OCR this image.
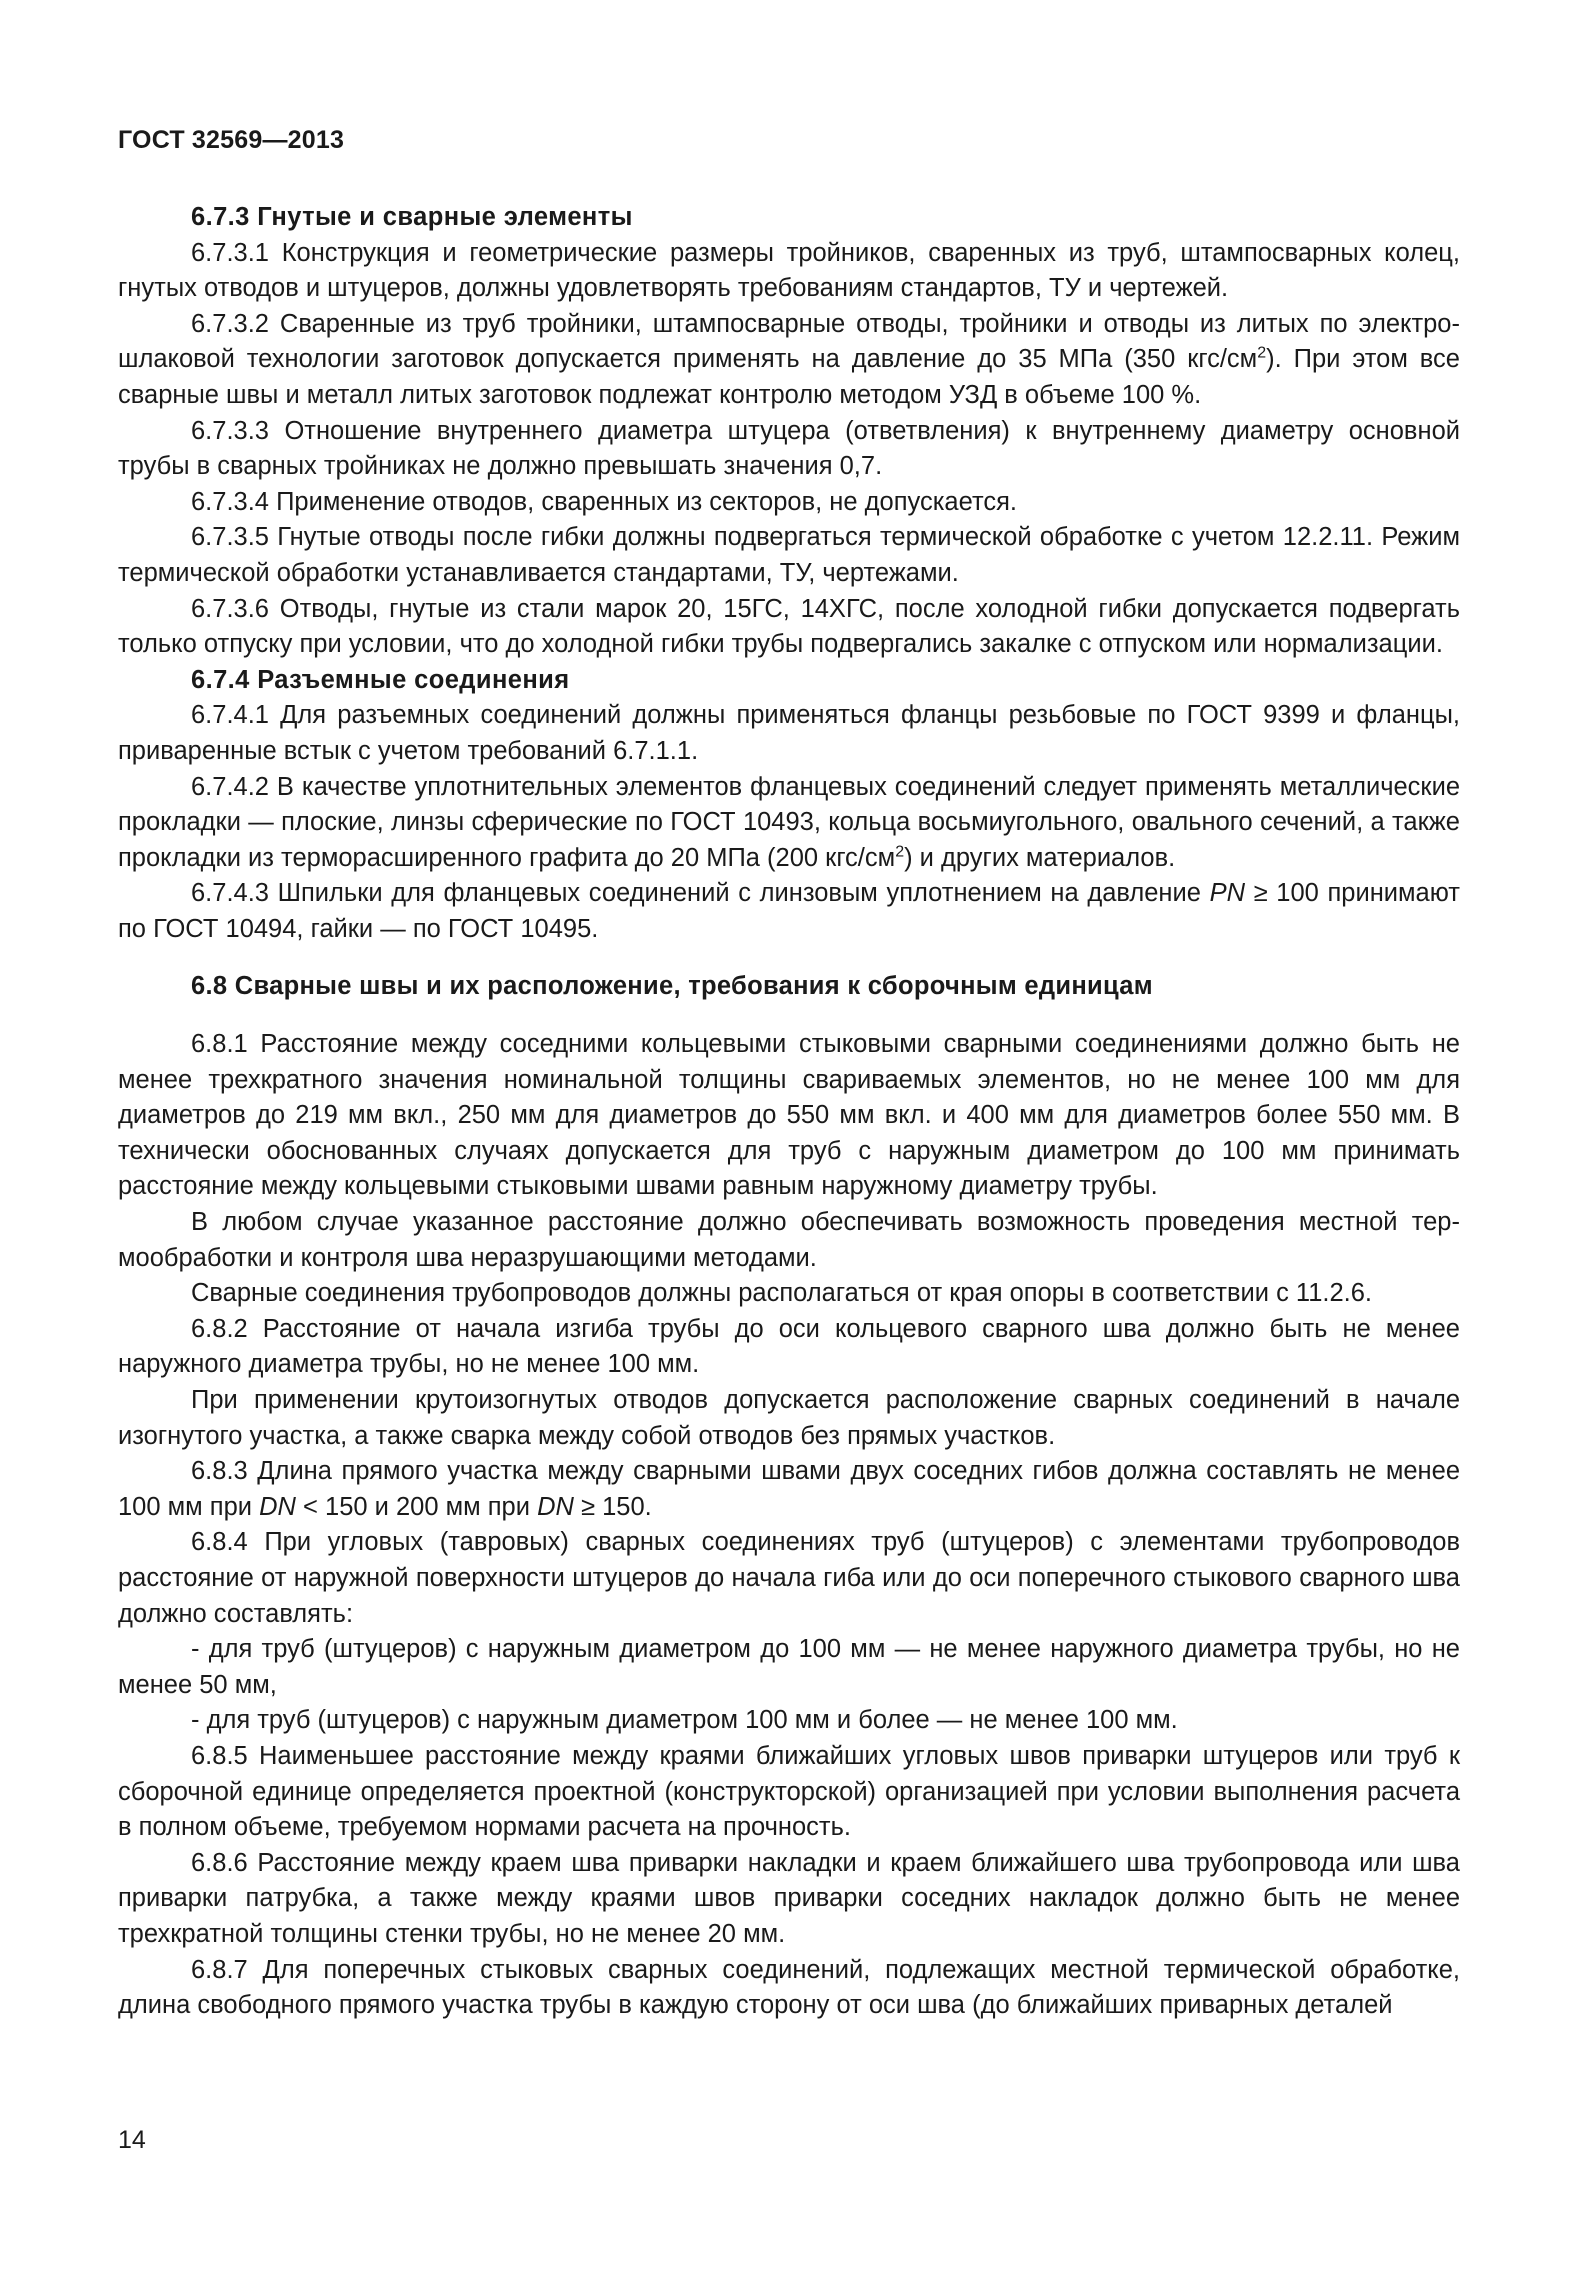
ГОСТ 32569—2013
6.7.3 Гнутые и сварные элементы

6.7.3.1 Конструкция и геометрические размеры тройников, сваренных из труб, штампосварных колец, гнутых отводов и штуцеров, должны удовлетворять требованиям стандартов, ТУ и чертежей.

6.7.3.2 Сваренные из труб тройники, штампосварные отводы, тройники и отводы из литых по электрошлаковой технологии заготовок допускается применять на давление до 35 МПа (350 кгс/$см^2$). При этом все сварные швы и металл литых заготовок подлежат контролю методом УЗД в объеме 100 %.

6.7.3.3 Отношение внутреннего диаметра штуцера (ответвления) к внутреннему диаметру основной трубы в сварных тройниках не должно превышать значения 0,7.

6.7.3.4 Применение отводов, сваренных из секторов, не допускается.

6.7.3.5 Гнутые отводы после гибки должны подвергаться термической обработке с учетом 12.2.11. Режим термической обработки устанавливается стандартами, ТУ, чертежами.

6.7.3.6 Отводы, гнутые из стали марок 20, 15ГС, 14ХГС, после холодной гибки допускается подвергать только отпуску при условии, что до холодной гибки трубы подвергались закалке с отпуском или нормализации.

6.7.4 Разъемные соединения

6.7.4.1 Для разъемных соединений должны применяться фланцы резьбовые по ГОСТ 9399 и фланцы, приваренные встык с учетом требований 6.7.1.1.

6.7.4.2 В качестве уплотнительных элементов фланцевых соединений следует применять металлические прокладки — плоские, линзы сферические по ГОСТ 10493, кольца восьмиугольного, овального сечений, а также прокладки из терморасширенного графита до 20 МПа (200 кгс/$см^2$) и других материалов.

6.7.4.3 Шпильки для фланцевых соединений с линзовым уплотнением на давление PN ≥ 100 принимают по ГОСТ 10494, гайки — по ГОСТ 10495.

6.8 Сварные швы и их расположение, требования к сборочным единицам

6.8.1 Расстояние между соседними кольцевыми стыковыми сварными соединениями должно быть не менее трехкратного значения номинальной толщины свариваемых элементов, но не менее 100 мм для диаметров до 219 мм вкл., 250 мм для диаметров до 550 мм вкл. и 400 мм для диаметров более 550 мм. В технически обоснованных случаях допускается для труб с наружным диаметром до 100 мм принимать расстояние между кольцевыми стыковыми швами равным наружному диаметру трубы.

В любом случае указанное расстояние должно обеспечивать возможность проведения местной термообработки и контроля шва неразрушающими методами.

Сварные соединения трубопроводов должны располагаться от края опоры в соответствии с 11.2.6.

6.8.2 Расстояние от начала изгиба трубы до оси кольцевого сварного шва должно быть не менее наружного диаметра трубы, но не менее 100 мм.

При применении крутоизогнутых отводов допускается расположение сварных соединений в начале изогнутого участка, а также сварка между собой отводов без прямых участков.

6.8.3 Длина прямого участка между сварными швами двух соседних гибов должна составлять не менее 100 мм при DN < 150 и 200 мм при DN ≥ 150.

6.8.4 При угловых (тавровых) сварных соединениях труб (штуцеров) с элементами трубопроводов расстояние от наружной поверхности штуцеров до начала гиба или до оси поперечного стыкового сварного шва должно составлять:

- для труб (штуцеров) с наружным диаметром до 100 мм — не менее наружного диаметра трубы, но не менее 50 мм,

- для труб (штуцеров) с наружным диаметром 100 мм и более — не менее 100 мм.

6.8.5 Наименьшее расстояние между краями ближайших угловых швов приварки штуцеров или труб к сборочной единице определяется проектной (конструкторской) организацией при условии выполнения расчета в полном объеме, требуемом нормами расчета на прочность.

6.8.6 Расстояние между краем шва приварки накладки и краем ближайшего шва трубопровода или шва приварки патрубка, а также между краями швов приварки соседних накладок должно быть не менее трехкратной толщины стенки трубы, но не менее 20 мм.

6.8.7 Для поперечных стыковых сварных соединений, подлежащих местной термической обработке, длина свободного прямого участка трубы в каждую сторону от оси шва (до ближайших приварных деталей

14
